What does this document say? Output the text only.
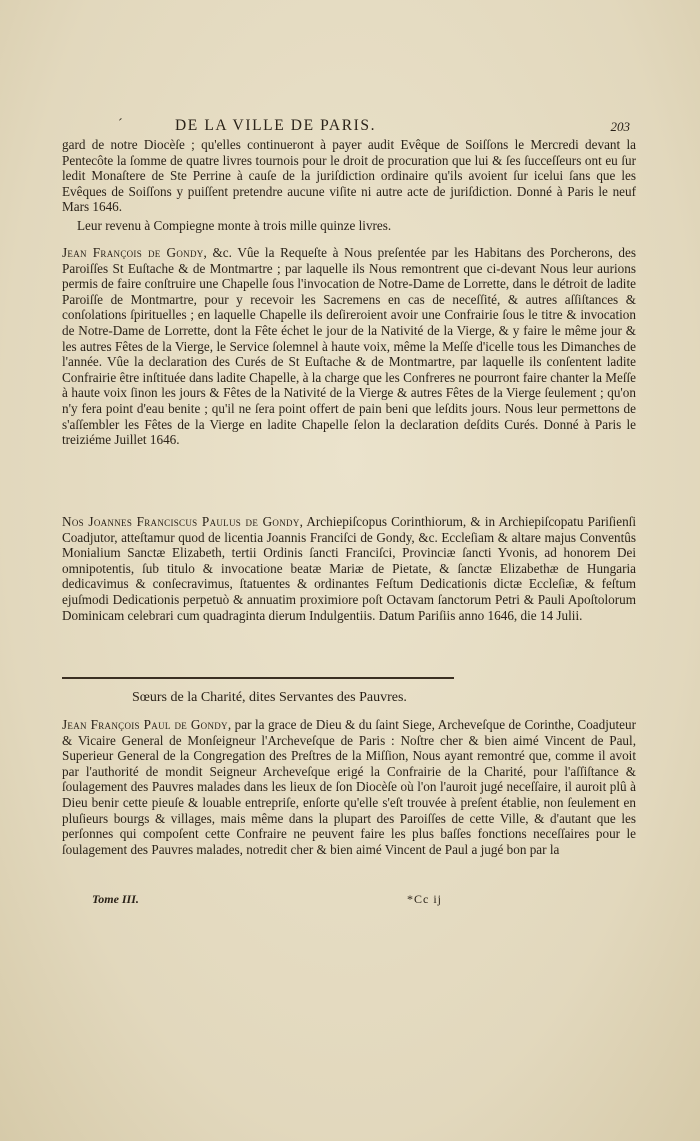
´	DE LA VILLE DE PARIS.	203

gard de notre Diocèſe ; qu'elles continueront à payer audit Evêque de Soiſſons le Mercredi devant la Pentecôte la ſomme de quatre livres tournois pour le droit de procuration que lui & ſes ſucceſſeurs ont eu ſur ledit Monaſtere de Ste Perrine à cauſe de la juriſdiction ordinaire qu'ils avoient ſur icelui ſans que les Evêques de Soiſſons y puiſſent pretendre aucune viſite ni autre acte de juriſdiction. Donné à Paris le neuf Mars 1646.

Leur revenu à Compiegne monte à trois mille quinze livres.

Jean François de Gondy, &c. Vûe la Requeſte à Nous preſentée par les Habitans des Porcherons, des Paroiſſes St Euſtache & de Montmartre ; par laquelle ils Nous remontrent que ci-devant Nous leur aurions permis de faire conſtruire une Chapelle ſous l'invocation de Notre-Dame de Lorrette, dans le détroit de ladite Paroiſſe de Montmartre, pour y recevoir les Sacremens en cas de neceſſité, & autres aſſiſtances & conſolations ſpirituelles ; en laquelle Chapelle ils deſireroient avoir une Confrairie ſous le titre & invocation de Notre-Dame de Lorrette, dont la Fête échet le jour de la Nativité de la Vierge, & y faire le même jour & les autres Fêtes de la Vierge, le Service ſolemnel à haute voix, même la Meſſe d'icelle tous les Dimanches de l'année. Vûe la declaration des Curés de St Euſtache & de Montmartre, par laquelle ils conſentent ladite Confrairie être inſtituée dans ladite Chapelle, à la charge que les Confreres ne pourront faire chanter la Meſſe à haute voix ſinon les jours & Fêtes de la Nativité de la Vierge & autres Fêtes de la Vierge ſeulement ; qu'on n'y fera point d'eau benite ; qu'il ne ſera point offert de pain beni que leſdits jours. Nous leur permettons de s'aſſembler les Fêtes de la Vierge en ladite Chapelle ſelon la declaration deſdits Curés. Donné à Paris le treiziéme Juillet 1646.

Nos Joannes Franciscus Paulus de Gondy, Archiepiſcopus Corinthiorum, & in Archiepiſcopatu Pariſienſi Coadjutor, atteſtamur quod de licentia Joannis Franciſci de Gondy, &c. Eccleſiam & altare majus Conventûs Monialium Sanctæ Elizabeth, tertii Ordinis ſancti Franciſci, Provinciæ ſancti Yvonis, ad honorem Dei omnipotentis, ſub titulo & invocatione beatæ Mariæ de Pietate, & ſanctæ Elizabethæ de Hungaria dedicavimus & conſecravimus, ſtatuentes & ordinantes Feſtum Dedicationis dictæ Eccleſiæ, & feſtum ejuſmodi Dedicationis perpetuò & annuatim proximiore poſt Octavam ſanctorum Petri & Pauli Apoſtolorum Dominicam celebrari cum quadraginta dierum Indulgentiis. Datum Pariſiis anno 1646, die 14 Julii.

Sœurs de la Charité, dites Servantes des Pauvres.

Jean François Paul de Gondy, par la grace de Dieu & du ſaint Siege, Archeveſque de Corinthe, Coadjuteur & Vicaire General de Monſeigneur l'Archeveſque de Paris : Noſtre cher & bien aimé Vincent de Paul, Superieur General de la Congregation des Preſtres de la Miſſion, Nous ayant remontré que, comme il avoit par l'authorité de mondit Seigneur Archeveſque erigé la Confrairie de la Charité, pour l'aſſiſtance & ſoulagement des Pauvres malades dans les lieux de ſon Diocèſe où l'on l'auroit jugé neceſſaire, il auroit plû à Dieu benir cette pieuſe & louable entrepriſe, enſorte qu'elle s'eſt trouvée à preſent établie, non ſeulement en pluſieurs bourgs & villages, mais même dans la plupart des Paroiſſes de cette Ville, & d'autant que les perſonnes qui compoſent cette Confraire ne peuvent faire les plus baſſes fonctions neceſſaires pour le ſoulagement des Pauvres malades, notredit cher & bien aimé Vincent de Paul a jugé bon par la

Tome III.	*Cc ij
